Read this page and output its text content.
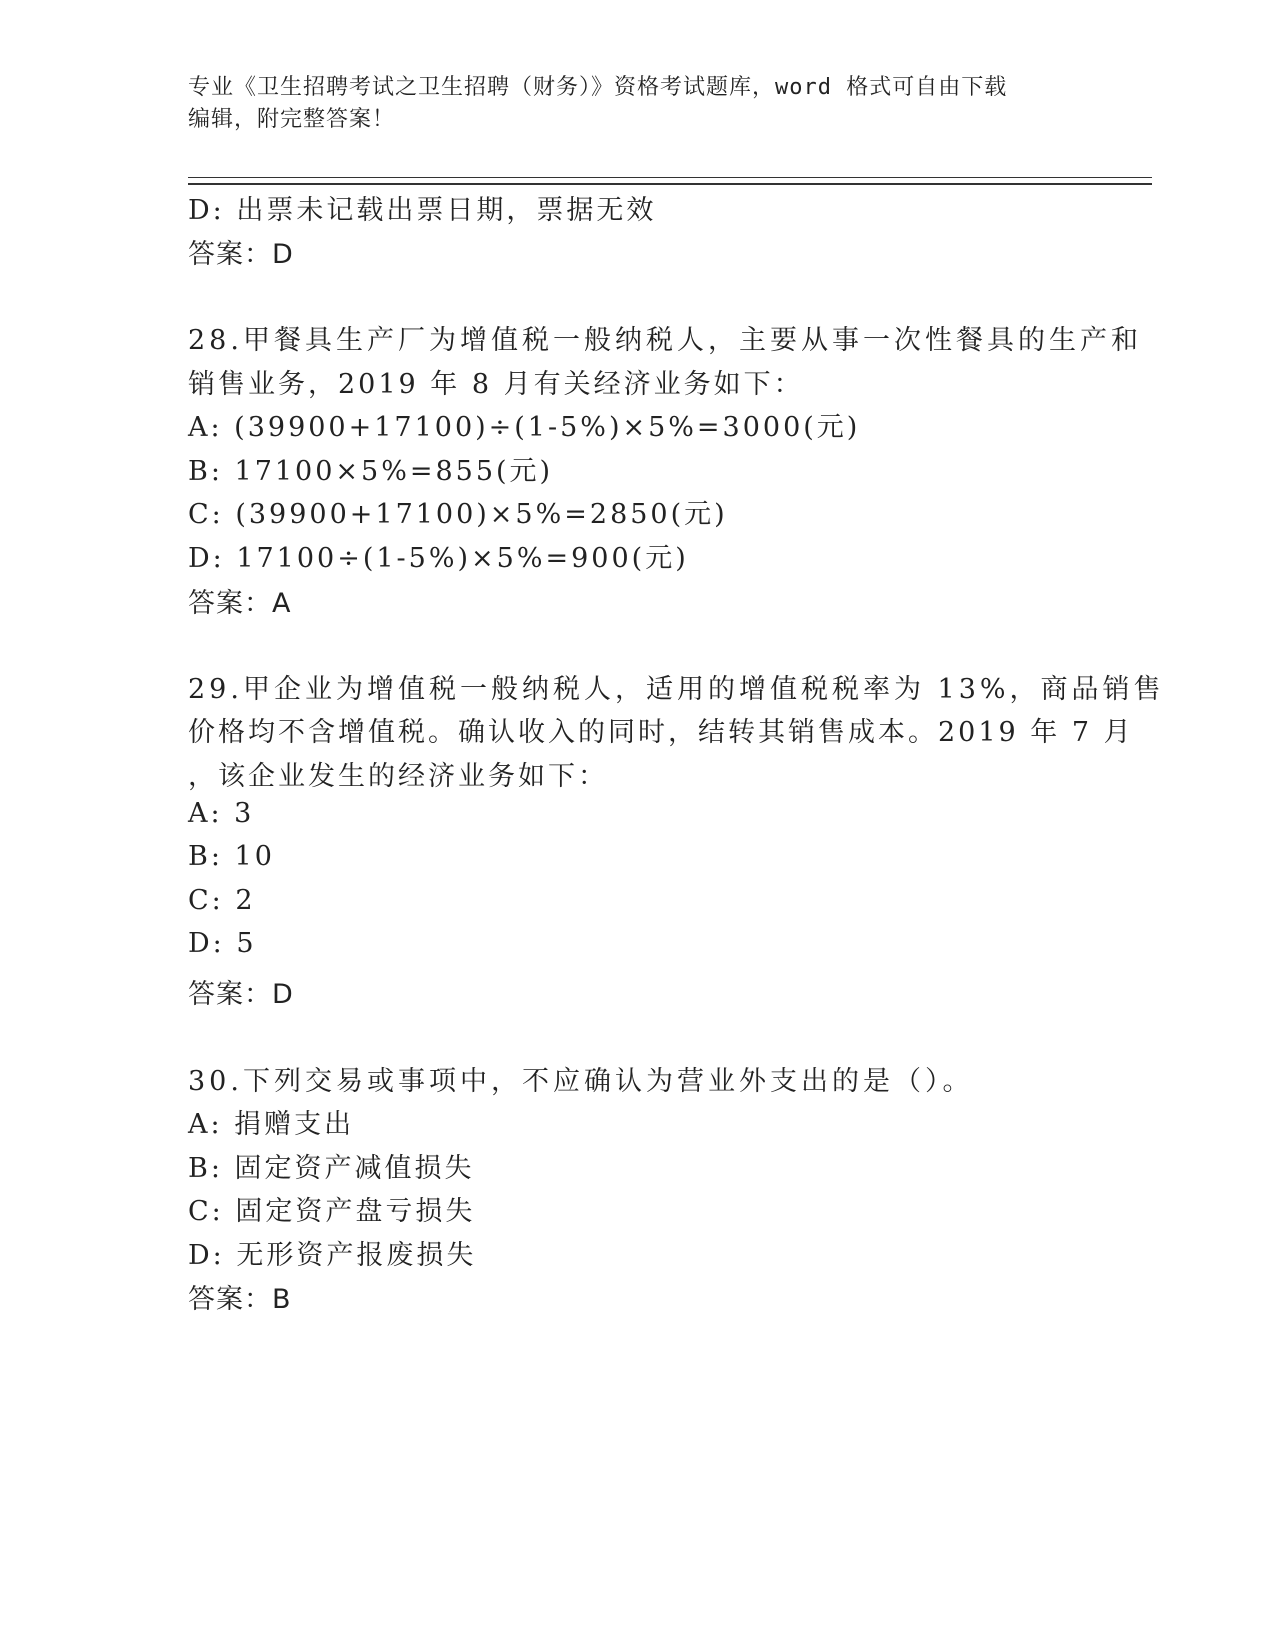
专业《卫生招聘考试之卫生招聘（财务）》资格考试题库，word 格式可自由下载
编辑，附完整答案！
D: 出票未记载出票日期，票据无效
答案：D
28.甲餐具生产厂为增值税一般纳税人，主要从事一次性餐具的生产和
销售业务，2019 年 8 月有关经济业务如下：
A: (39900+17100)÷(1-5%)×5%=3000(元)
B: 17100×5%=855(元)
C: (39900+17100)×5%=2850(元)
D: 17100÷(1-5%)×5%=900(元)
答案：A
29.甲企业为增值税一般纳税人，适用的增值税税率为 13%，商品销售
价格均不含增值税。确认收入的同时，结转其销售成本。2019 年 7 月
，该企业发生的经济业务如下：
A: 3
B: 10
C: 2
D: 5
答案：D
30.下列交易或事项中，不应确认为营业外支出的是（）。
A: 捐赠支出
B: 固定资产减值损失
C: 固定资产盘亏损失
D: 无形资产报废损失
答案：B
